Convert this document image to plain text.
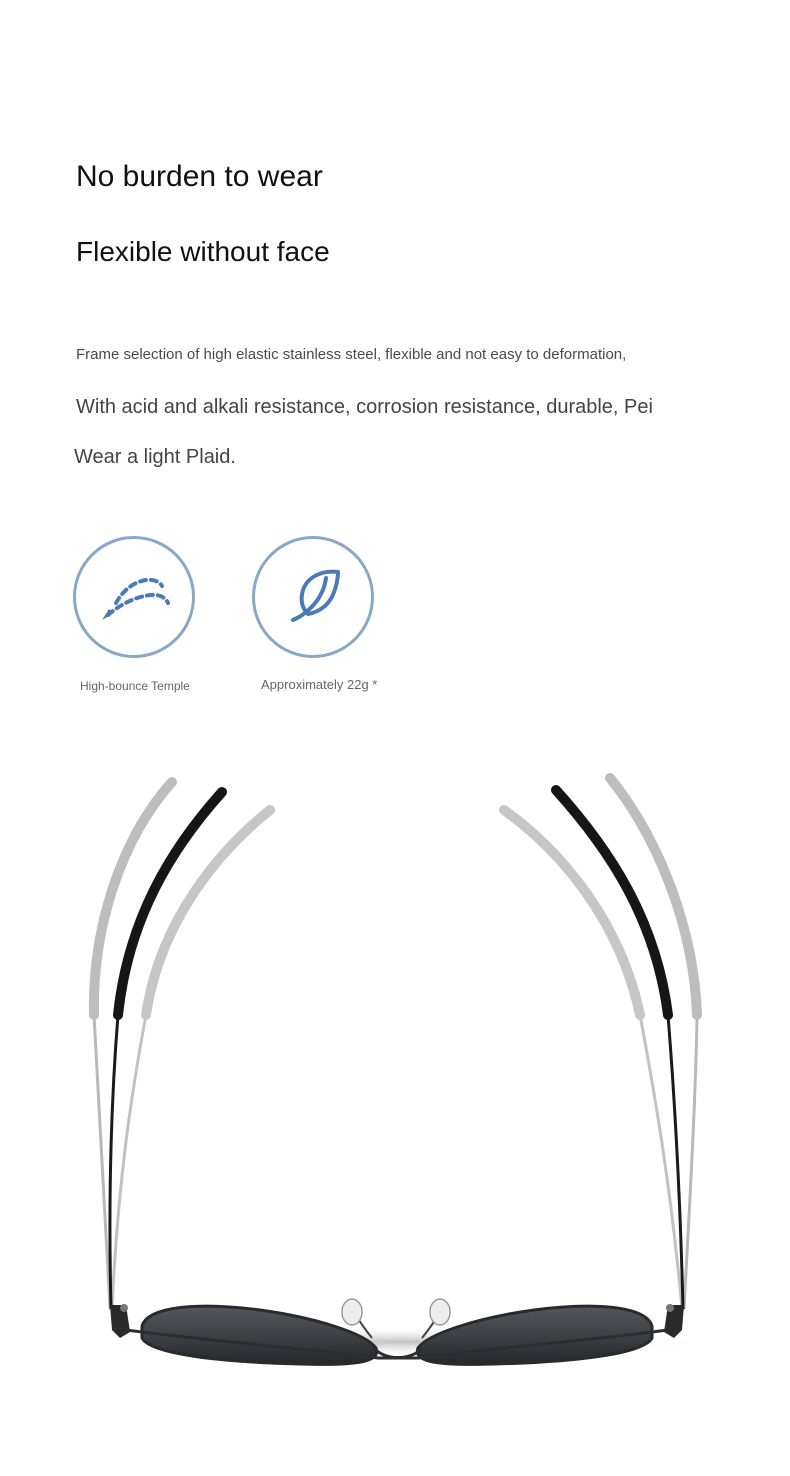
No burden to wear
Flexible without face

Frame selection of high elastic stainless steel, flexible and not easy to deformation,

With acid and alkali resistance, corrosion resistance, durable, Pei

Wear a light Plaid.

High-bounce Temple	Approximately 22g *
